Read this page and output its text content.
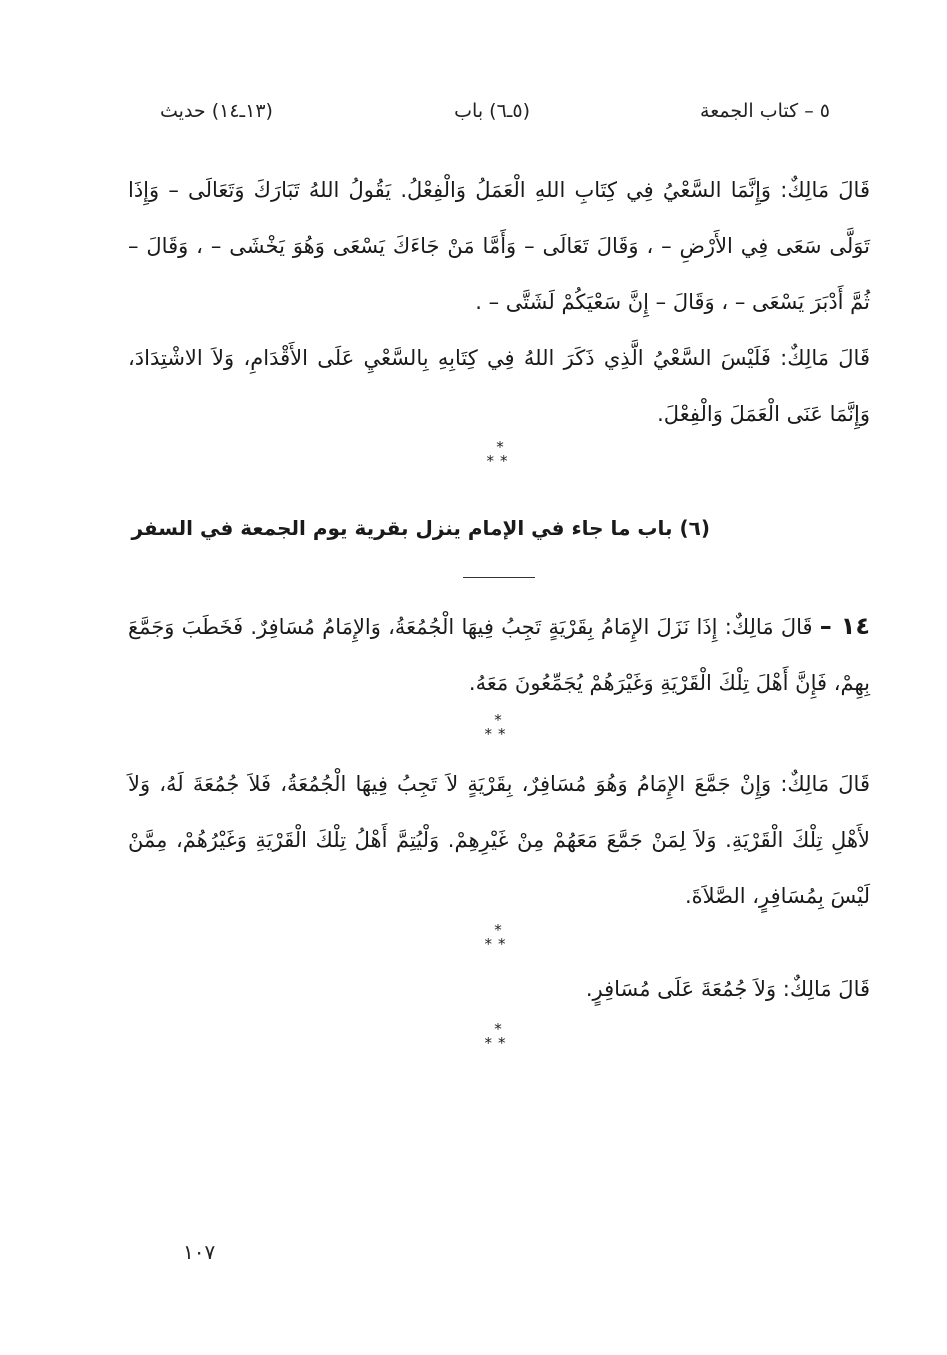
٥ – كتاب الجمعة
(٥ـ٦) باب
(١٣ـ١٤) حديث
قَالَ مَالِكٌ: وَإِنَّمَا السَّعْيُ فِي كِتَابِ اللهِ الْعَمَلُ وَالْفِعْلُ. يَقُولُ اللهُ تَبَارَكَ وَتَعَالَى – وَإِذَا تَوَلَّى سَعَى فِي الأَرْضِ – ، وَقَالَ تَعَالَى – وَأَمَّا مَنْ جَاءَكَ يَسْعَى وَهُوَ يَخْشَى – ، وَقَالَ – ثُمَّ أَدْبَرَ يَسْعَى – ، وَقَالَ – إِنَّ سَعْيَكُمْ لَشَتَّى – .
قَالَ مَالِكٌ: فَلَيْسَ السَّعْيُ الَّذِي ذَكَرَ اللهُ فِي كِتَابِهِ بِالسَّعْيِ عَلَى الأَقْدَامِ، وَلاَ الاشْتِدَادَ، وَإِنَّمَا عَنَى الْعَمَلَ وَالْفِعْلَ.
*
**
(٦) باب ما جاء في الإمام ينزل بقرية يوم الجمعة في السفر
١٤ – قَالَ مَالِكٌ: إِذَا نَزَلَ الإِمَامُ بِقَرْيَةٍ تَجِبُ فِيهَا الْجُمُعَةُ، وَالإِمَامُ مُسَافِرٌ. فَخَطَبَ وَجَمَّعَ بِهِمْ، فَإِنَّ أَهْلَ تِلْكَ الْقَرْيَةِ وَغَيْرَهُمْ يُجَمِّعُونَ مَعَهُ.
*
**
قَالَ مَالِكٌ: وَإِنْ جَمَّعَ الإِمَامُ وَهُوَ مُسَافِرٌ، بِقَرْيَةٍ لاَ تَجِبُ فِيهَا الْجُمُعَةُ، فَلاَ جُمُعَةَ لَهُ، وَلاَ لأَهْلِ تِلْكَ الْقَرْيَةِ. وَلاَ لِمَنْ جَمَّعَ مَعَهُمْ مِنْ غَيْرِهِمْ. وَلْيُتِمَّ أَهْلُ تِلْكَ الْقَرْيَةِ وَغَيْرُهُمْ، مِمَّنْ لَيْسَ بِمُسَافِرٍ، الصَّلاَةَ.
*
**
قَالَ مَالِكٌ: وَلاَ جُمُعَةَ عَلَى مُسَافِرٍ.
*
**
١٠٧
